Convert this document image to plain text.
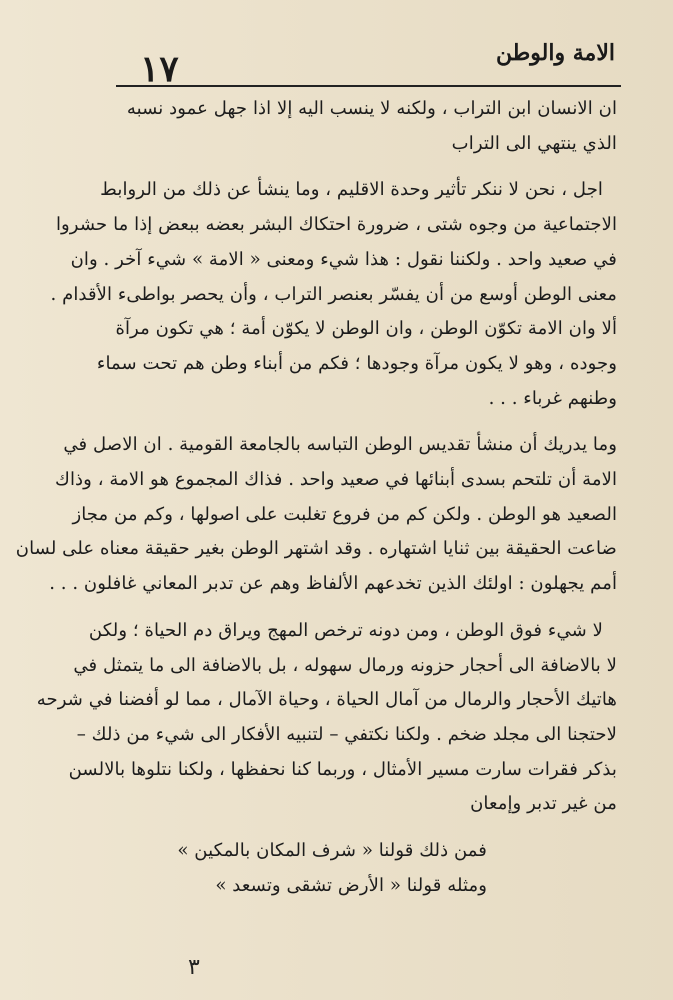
١٧	الامة والوطن
ان الانسان ابن التراب ، ولكنه لا ينسب اليه إلا اذا جهل عمود نسبه
الذي ينتهي الى التراب
اجل ، نحن لا ننكر تأثير وحدة الاقليم ، وما ينشأ عن ذلك من الروابط
الاجتماعية من وجوه شتى ، ضرورة احتكاك البشر بعضه ببعض إذا ما حشروا
في صعيد واحد . ولكننا نقول : هذا شيء ومعنى « الامة » شيء آخر . وان
معنى الوطن أوسع من أن يفسّر بعنصر التراب ، وأن يحصر بواطىء الأقدام .
ألا وان الامة تكوّن الوطن ، وان الوطن لا يكوّن أمة ؛ هي تكون مرآة
وجوده ، وهو لا يكون مرآة وجودها ؛ فكم من أبناء وطن هم تحت سماء
وطنهم غرباء . . .
وما يدريك أن منشأ تقديس الوطن التباسه بالجامعة القومية . ان الاصل في
الامة أن تلتحم بسدى أبنائها في صعيد واحد . فذاك المجموع هو الامة ، وذاك
الصعيد هو الوطن . ولكن كم من فروع تغلبت على اصولها ، وكم من مجاز
ضاعت الحقيقة بين ثنايا اشتهاره . وقد اشتهر الوطن بغير حقيقة معناه على لسان
أمم يجهلون : اولئك الذين تخدعهم الألفاظ وهم عن تدبر المعاني غافلون . . .
لا شيء فوق الوطن ، ومن دونه ترخص المهج ويراق دم الحياة ؛ ولكن
لا بالاضافة الى أحجار حزونه ورمال سهوله ، بل بالاضافة الى ما يتمثل في
هاتيك الأحجار والرمال من آمال الحياة ، وحياة الآمال ، مما لو أفضنا في شرحه
لاحتجنا الى مجلد ضخم . ولكنا نكتفي – لتنبيه الأفكار الى شيء من ذلك –
بذكر فقرات سارت مسير الأمثال ، وربما كنا نحفظها ، ولكنا نتلوها بالالسن
من غير تدبر وإمعان
فمن ذلك قولنا « شرف المكان بالمكين »
ومثله قولنا « الأرض تشقى وتسعد »
٣
